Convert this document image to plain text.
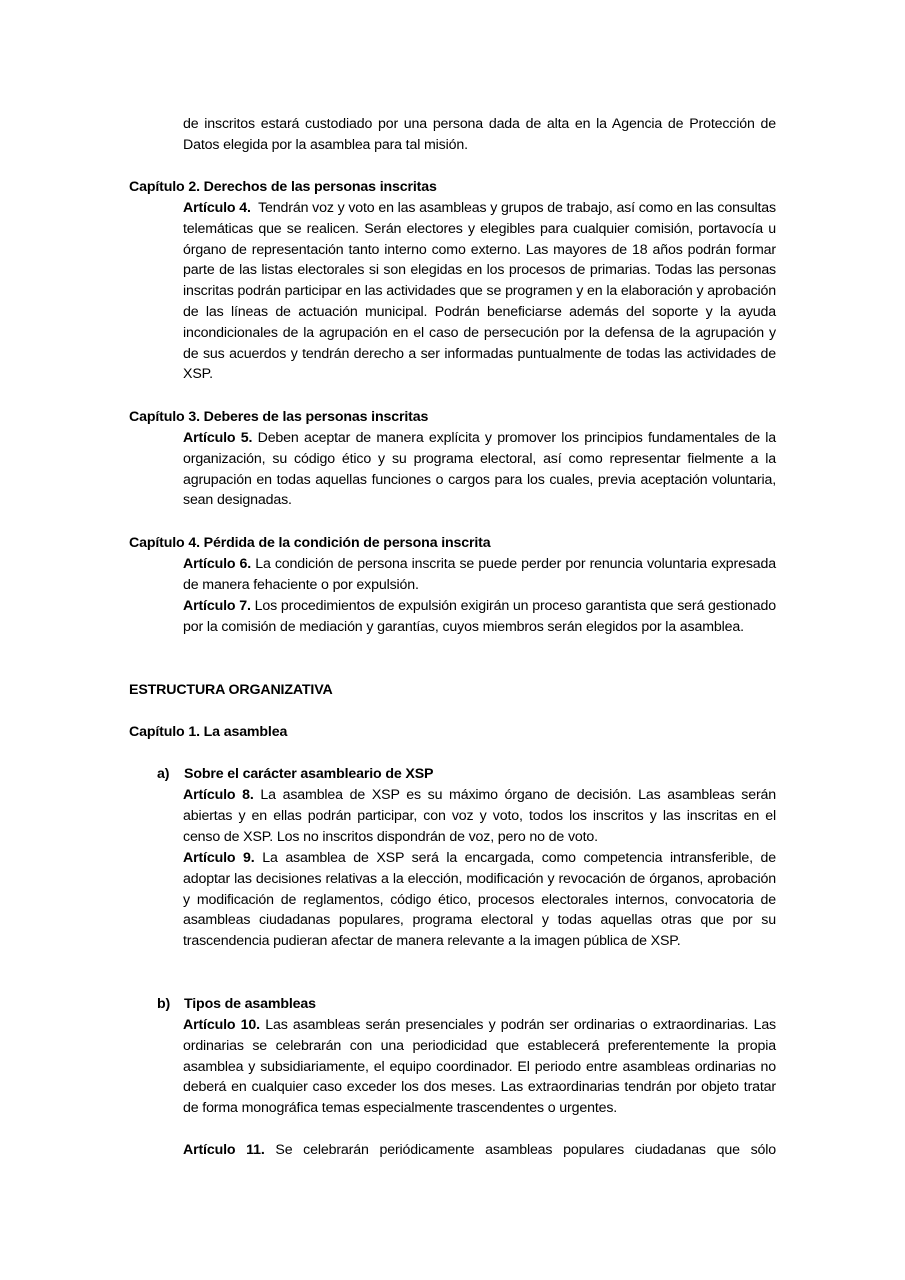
de inscritos estará custodiado por una persona dada de alta en la Agencia de Protección de Datos elegida por la asamblea para tal misión.

Capítulo 2. Derechos de las personas inscritas

Artículo 4. Tendrán voz y voto en las asambleas y grupos de trabajo, así como en las consultas telemáticas que se realicen. Serán electores y elegibles para cualquier comisión, portavocía u órgano de representación tanto interno como externo. Las mayores de 18 años podrán formar parte de las listas electorales si son elegidas en los procesos de primarias. Todas las personas inscritas podrán participar en las actividades que se programen y en la elaboración y aprobación de las líneas de actuación municipal. Podrán beneficiarse además del soporte y la ayuda incondicionales de la agrupación en el caso de persecución por la defensa de la agrupación y de sus acuerdos y tendrán derecho a ser informadas puntualmente de todas las actividades de XSP.

Capítulo 3. Deberes de las personas inscritas

Artículo 5. Deben aceptar de manera explícita y promover los principios fundamentales de la organización, su código ético y su programa electoral, así como representar fielmente a la agrupación en todas aquellas funciones o cargos para los cuales, previa aceptación voluntaria, sean designadas.

Capítulo 4. Pérdida de la condición de persona inscrita

Artículo 6. La condición de persona inscrita se puede perder por renuncia voluntaria expresada de manera fehaciente o por expulsión.

Artículo 7. Los procedimientos de expulsión exigirán un proceso garantista que será gestionado por la comisión de mediación y garantías, cuyos miembros serán elegidos por la asamblea.

ESTRUCTURA ORGANIZATIVA
Capítulo 1. La asamblea
a) Sobre el carácter asambleario de XSP

Artículo 8. La asamblea de XSP es su máximo órgano de decisión. Las asambleas serán abiertas y en ellas podrán participar, con voz y voto, todos los inscritos y las inscritas en el censo de XSP. Los no inscritos dispondrán de voz, pero no de voto.

Artículo 9. La asamblea de XSP será la encargada, como competencia intransferible, de adoptar las decisiones relativas a la elección, modificación y revocación de órganos, aprobación y modificación de reglamentos, código ético, procesos electorales internos, convocatoria de asambleas ciudadanas populares, programa electoral y todas aquellas otras que por su trascendencia pudieran afectar de manera relevante a la imagen pública de XSP.

b) Tipos de asambleas

Artículo 10. Las asambleas serán presenciales y podrán ser ordinarias o extraordinarias. Las ordinarias se celebrarán con una periodicidad que establecerá preferentemente la propia asamblea y subsidiariamente, el equipo coordinador. El periodo entre asambleas ordinarias no deberá en cualquier caso exceder los dos meses. Las extraordinarias tendrán por objeto tratar de forma monográfica temas especialmente trascendentes o urgentes.

Artículo 11. Se celebrarán periódicamente asambleas populares ciudadanas que sólo
